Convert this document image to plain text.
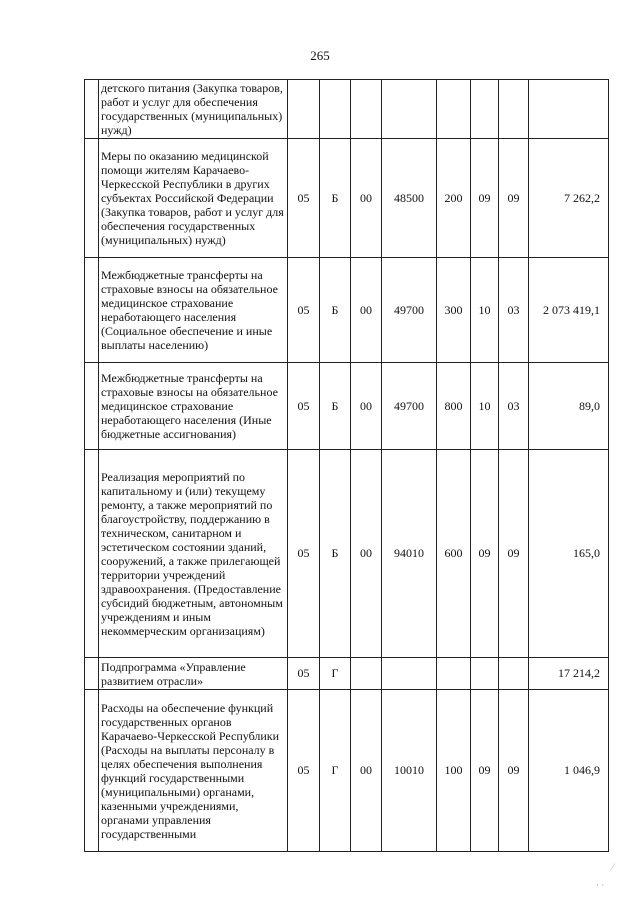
265
	детского питания (Закупка товаров, работ и услуг для обеспечения государственных (муниципальных) нужд)								
	Меры по оказанию медицинской помощи жителям Карачаево-Черкесской Республики в других субъектах Российской Федерации (Закупка товаров, работ и услуг для обеспечения государственных (муниципальных) нужд)	05	Б	00	48500	200	09	09	7 262,2
	Межбюджетные трансферты на страховые взносы на обязательное медицинское страхование неработающего населения (Социальное обеспечение и иные выплаты населению)	05	Б	00	49700	300	10	03	2 073 419,1
	Межбюджетные трансферты на страховые взносы на обязательное медицинское страхование неработающего населения (Иные бюджетные ассигнования)	05	Б	00	49700	800	10	03	89,0
	Реализация мероприятий по капитальному и (или) текущему ремонту, а также мероприятий по благоустройству, поддержанию в техническом, санитарном и эстетическом состоянии зданий, сооружений, а также прилегающей территории учреждений здравоохранения. (Предоставление субсидий бюджетным, автономным учреждениям и иным некоммерческим организациям)	05	Б	00	94010	600	09	09	165,0
	Подпрограмма «Управление развитием отрасли»	05	Г						17 214,2
	Расходы на обеспечение функций государственных органов Карачаево-Черкесской Республики (Расходы на выплаты персоналу в целях обеспечения выполнения функций государственными (муниципальными) органами, казенными учреждениями, органами управления государственными	05	Г	00	10010	100	09	09	1 046,9
⁄
· ·
